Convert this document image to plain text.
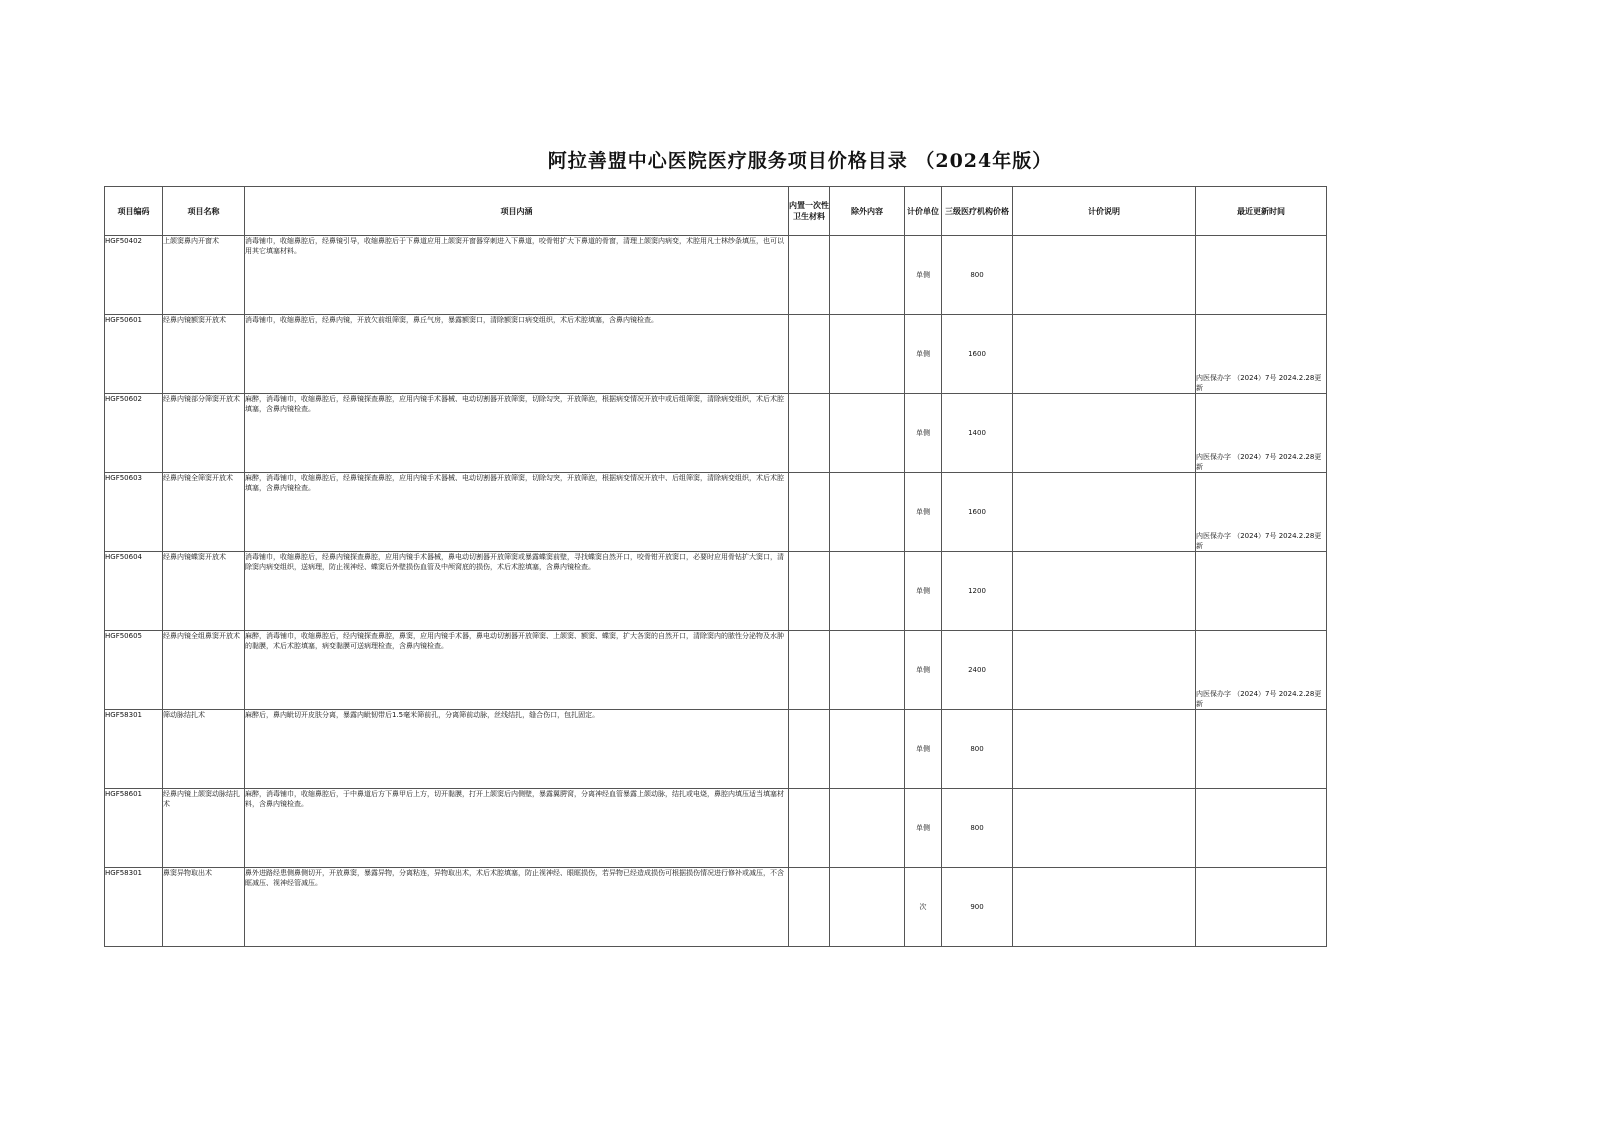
阿拉善盟中心医院医疗服务项目价格目录 （2024年版）
项目编码	项目名称	项目内涵	内置一次性卫生材料	除外内容	计价单位	三级医疗机构价格	计价说明	最近更新时间
HGF50402	上颌窦鼻内开窗术	消毒铺巾，收缩鼻腔后，经鼻镜引导，收缩鼻腔后于下鼻道应用上颌窦开窗器穿刺进入下鼻道，咬骨钳扩大下鼻道的骨窗，清理上颌窦内病变，术腔用凡士林纱条填压，也可以用其它填塞材料。			单侧	800		
HGF50601	经鼻内镜额窦开放术	消毒铺巾，收缩鼻腔后，经鼻内镜，开放欠前组筛窦，鼻丘气房，暴露额窦口，清除额窦口病变组织，术后术腔填塞，含鼻内镜检查。			单侧	1600		内医保办字 （2024）7号 2024.2.28更新
HGF50602	经鼻内镜部分筛窦开放术	麻醉，消毒铺巾，收缩鼻腔后，经鼻镜探查鼻腔，应用内镜手术器械、电动切割器开放筛窦，切除勾突，开放筛泡，根据病变情况开放中或后组筛窦，清除病变组织，术后术腔填塞，含鼻内镜检查。			单侧	1400		内医保办字 （2024）7号 2024.2.28更新
HGF50603	经鼻内镜全筛窦开放术	麻醉，消毒铺巾，收缩鼻腔后，经鼻镜探查鼻腔，应用内镜手术器械、电动切割器开放筛窦，切除勾突，开放筛泡，根据病变情况开放中、后组筛窦，清除病变组织，术后术腔填塞，含鼻内镜检查。			单侧	1600		内医保办字 （2024）7号 2024.2.28更新
HGF50604	经鼻内镜蝶窦开放术	消毒铺巾，收缩鼻腔后，经鼻内镜探查鼻腔，应用内镜手术器械，鼻电动切割器开放筛窦或暴露蝶窦前壁，寻找蝶窦自然开口，咬骨钳开放窦口，必要时应用骨钻扩大窦口，清除窦内病变组织，送病理，防止视神经、蝶窦后外壁损伤血管及中颅窝底的损伤，术后术腔填塞，含鼻内镜检查。			单侧	1200		
HGF50605	经鼻内镜全组鼻窦开放术	麻醉，消毒铺巾，收缩鼻腔后，经内镜探查鼻腔，鼻窦，应用内镜手术器，鼻电动切割器开放筛窦、上颌窦、额窦、蝶窦，扩大各窦的自然开口，清除窦内的脓性分泌物及水肿的黏膜，术后术腔填塞，病变黏膜可送病理检查，含鼻内镜检查。			单侧	2400		内医保办字 （2024）7号 2024.2.28更新
HGF58301	筛动脉结扎术	麻醉后，鼻内眦切开皮肤分离，暴露内眦韧带后1.5毫米筛前孔，分离筛前动脉，丝线结扎，缝合伤口，包扎固定。			单侧	800		
HGF58601	经鼻内镜上颌窦动脉结扎术	麻醉，消毒铺巾，收缩鼻腔后，于中鼻道后方下鼻甲后上方，切开黏膜，打开上颌窦后内侧壁，暴露翼腭窝，分离神经血管暴露上颌动脉，结扎或电烧，鼻腔内填压适当填塞材料，含鼻内镜检查。			单侧	800		
HGF58301	鼻窦异物取出术	鼻外进路经患侧鼻侧切开，开放鼻窦，暴露异物，分离粘连，异物取出术，术后术腔填塞，防止视神经、眼眶损伤，若异物已经造成损伤可根据损伤情况进行修补或减压，不含眶减压、视神经管减压。			次	900		
